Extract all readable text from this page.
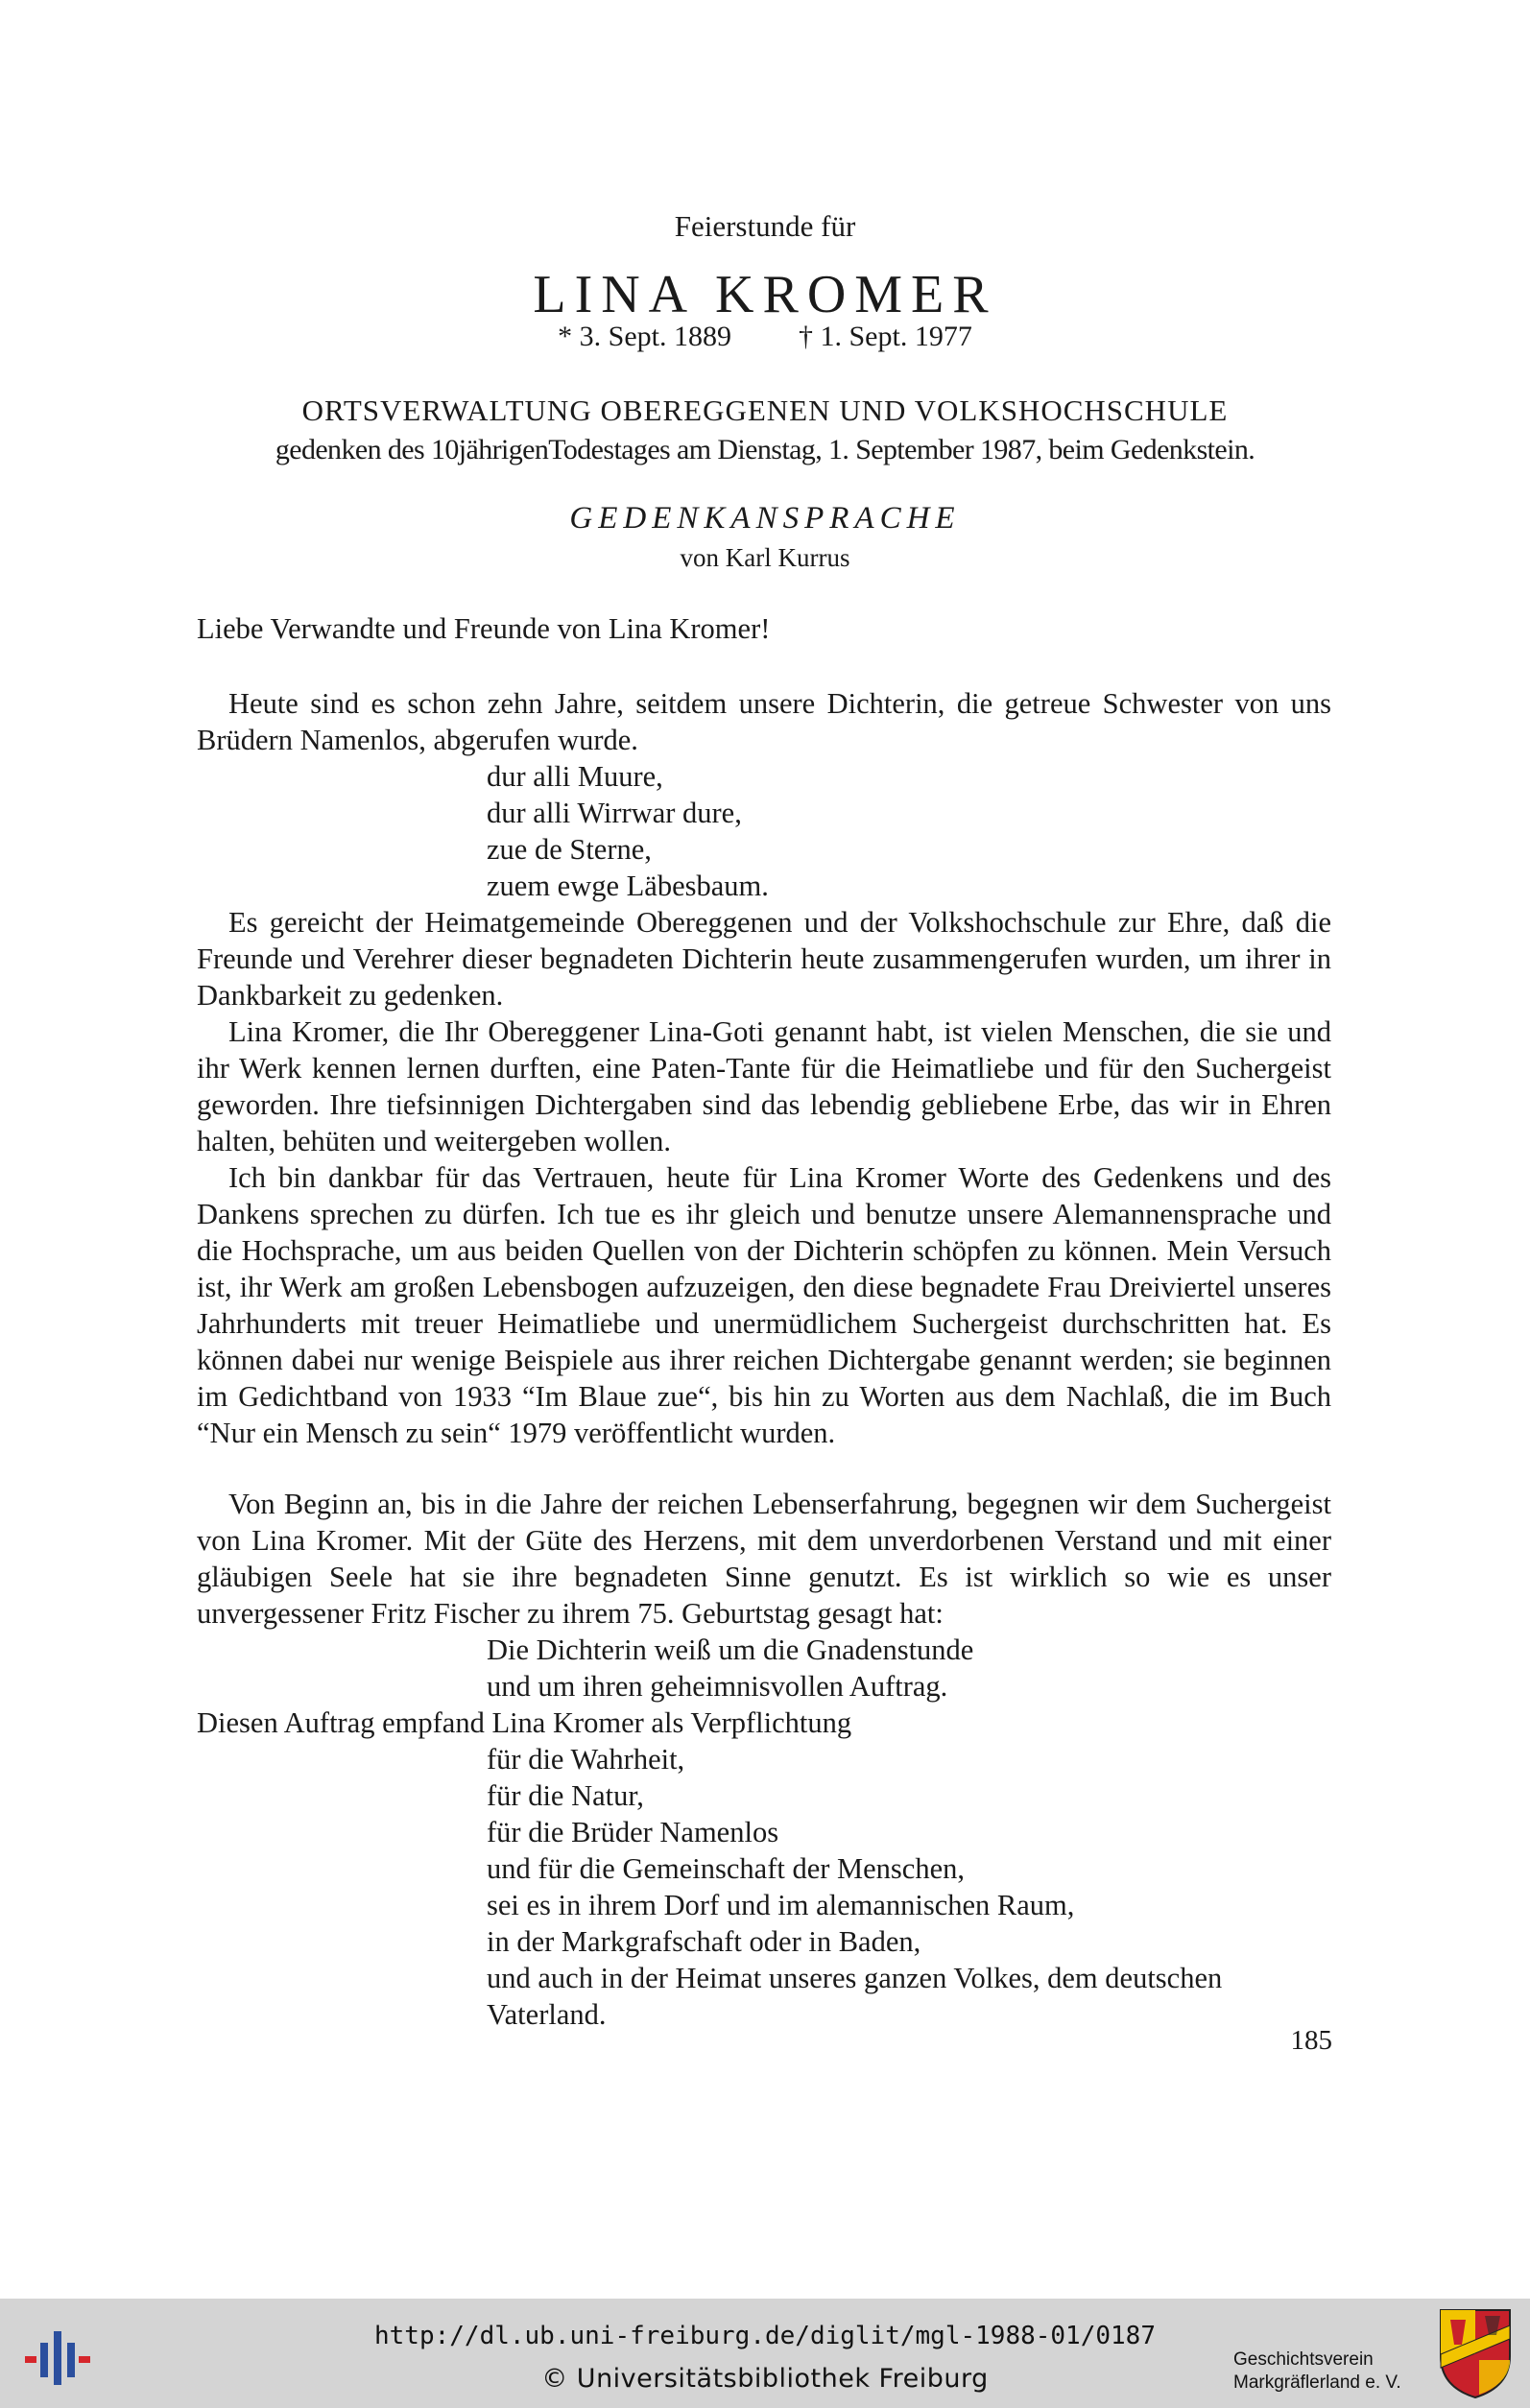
Feierstunde für
LINA KROMER
* 3. Sept. 1889 † 1. Sept. 1977
ORTSVERWALTUNG OBEREGGENEN UND VOLKSHOCHSCHULE
gedenken des 10jährigenTodestages am Dienstag, 1. September 1987, beim Gedenkstein.
GEDENKANSPRACHE
von Karl Kurrus

Liebe Verwandte und Freunde von Lina Kromer!

Heute sind es schon zehn Jahre, seitdem unsere Dichterin, die getreue Schwester von uns Brüdern Namenlos, abgerufen wurde.

dur alli Muure,
dur alli Wirrwar dure,
zue de Sterne,
zuem ewge Läbesbaum.

Es gereicht der Heimatgemeinde Obereggenen und der Volkshochschule zur Ehre, daß die Freunde und Verehrer dieser begnadeten Dichterin heute zusammengerufen wurden, um ihrer in Dankbarkeit zu gedenken.

Lina Kromer, die Ihr Obereggener Lina-Goti genannt habt, ist vielen Menschen, die sie und ihr Werk kennen lernen durften, eine Paten-Tante für die Heimatliebe und für den Suchergeist geworden. Ihre tiefsinnigen Dichtergaben sind das lebendig gebliebene Erbe, das wir in Ehren halten, behüten und weitergeben wollen.

Ich bin dankbar für das Vertrauen, heute für Lina Kromer Worte des Gedenkens und des Dankens sprechen zu dürfen. Ich tue es ihr gleich und benutze unsere Alemannensprache und die Hochsprache, um aus beiden Quellen von der Dichterin schöpfen zu können. Mein Versuch ist, ihr Werk am großen Lebensbogen aufzuzeigen, den diese begnadete Frau Dreiviertel unseres Jahrhunderts mit treuer Heimatliebe und unermüdlichem Suchergeist durchschritten hat. Es können dabei nur wenige Beispiele aus ihrer reichen Dichtergabe genannt werden; sie beginnen im Gedichtband von 1933 “Im Blaue zue“, bis hin zu Worten aus dem Nachlaß, die im Buch “Nur ein Mensch zu sein“ 1979 veröffentlicht wurden.

Von Beginn an, bis in die Jahre der reichen Lebenserfahrung, begegnen wir dem Suchergeist von Lina Kromer. Mit der Güte des Herzens, mit dem unverdorbenen Verstand und mit einer gläubigen Seele hat sie ihre begnadeten Sinne genutzt. Es ist wirklich so wie es unser unvergessener Fritz Fischer zu ihrem 75. Geburtstag gesagt hat:

Die Dichterin weiß um die Gnadenstunde
und um ihren geheimnisvollen Auftrag.

Diesen Auftrag empfand Lina Kromer als Verpflichtung

für die Wahrheit,
für die Natur,
für die Brüder Namenlos
und für die Gemeinschaft der Menschen,
sei es in ihrem Dorf und im alemannischen Raum,
in der Markgrafschaft oder in Baden,
und auch in der Heimat unseres ganzen Volkes, dem deutschen
Vaterland.
185
http://dl.ub.uni-freiburg.de/diglit/mgl-1988-01/0187
© Universitätsbibliothek Freiburg
Geschichtsverein
Markgräflerland e. V.
